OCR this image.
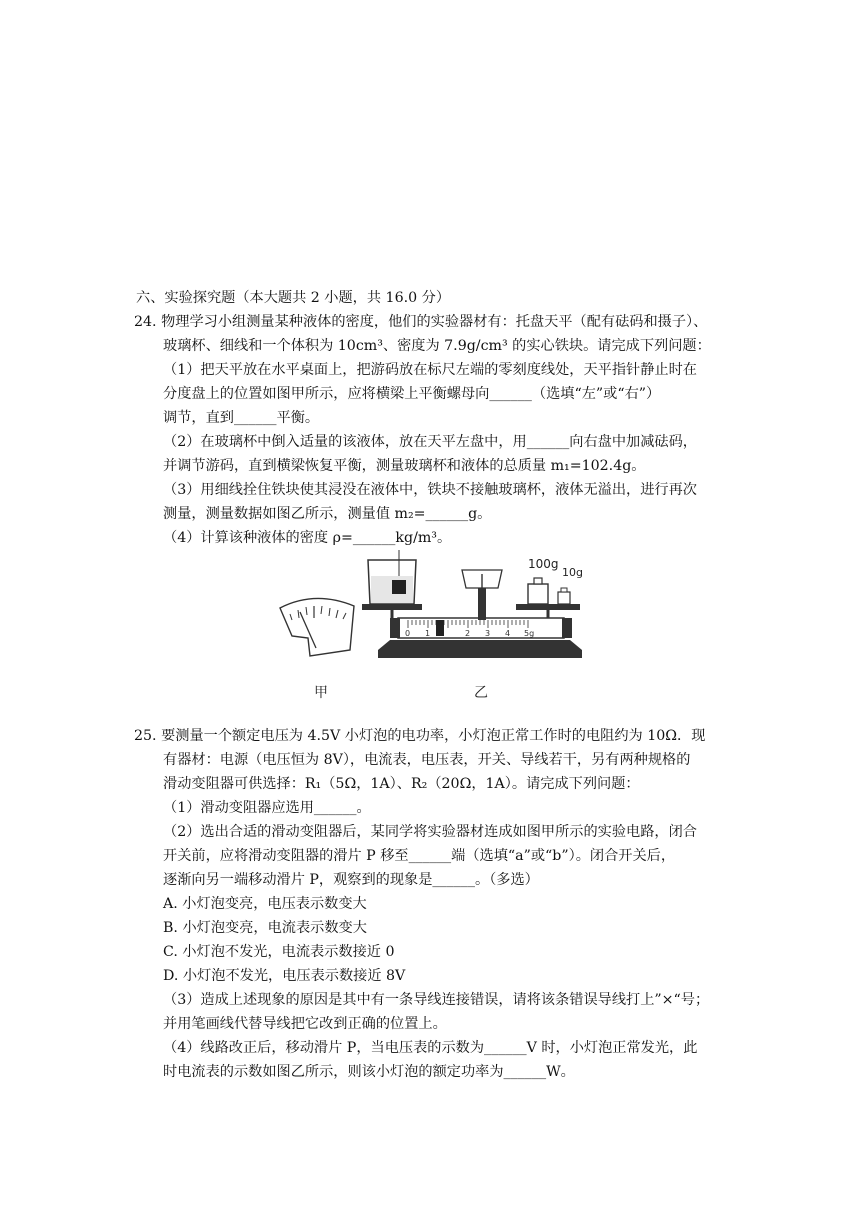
六、实验探究题（本大题共 2 小题，共 16.0 分）
24. 物理学习小组测量某种液体的密度，他们的实验器材有：托盘天平（配有砝码和摄子）、
玻璃杯、细线和一个体积为 10cm³、密度为 7.9g/cm³ 的实心铁块。请完成下列问题：
（1）把天平放在水平桌面上，把游码放在标尺左端的零刻度线处，天平指针静止时在
分度盘上的位置如图甲所示，应将横梁上平衡螺母向______（选填“左”或“右”）
调节，直到______平衡。
（2）在玻璃杯中倒入适量的该液体，放在天平左盘中，用______向右盘中加减砝码，
并调节游码，直到横梁恢复平衡，测量玻璃杯和液体的总质量 m₁=102.4g。
（3）用细线拴住铁块使其浸没在液体中，铁块不接触玻璃杯，液体无溢出，进行再次
测量，测量数据如图乙所示，测量值 m₂=______g。
（4）计算该种液体的密度 ρ=______kg/m³。
0 1	2 3 4 5g
100g
10g
甲	乙
25. 要测量一个额定电压为 4.5V 小灯泡的电功率，小灯泡正常工作时的电阻约为 10Ω．现
有器材：电源（电压恒为 8V），电流表，电压表，开关、导线若干，另有两种规格的
滑动变阻器可供选择：R₁（5Ω，1A）、R₂（20Ω，1A）。请完成下列问题：
（1）滑动变阻器应选用______。
（2）选出合适的滑动变阻器后，某同学将实验器材连成如图甲所示的实验电路，闭合
开关前，应将滑动变阻器的滑片 P 移至______端（选填“a”或“b”）。闭合开关后，
逐渐向另一端移动滑片 P，观察到的现象是______。（多选）
A. 小灯泡变亮，电压表示数变大
B. 小灯泡变亮，电流表示数变大
C. 小灯泡不发光，电流表示数接近 0
D. 小灯泡不发光，电压表示数接近 8V
（3）造成上述现象的原因是其中有一条导线连接错误，请将该条错误导线打上”×“号；
并用笔画线代替导线把它改到正确的位置上。
（4）线路改正后，移动滑片 P，当电压表的示数为______V 时，小灯泡正常发光，此
时电流表的示数如图乙所示，则该小灯泡的额定功率为______W。
